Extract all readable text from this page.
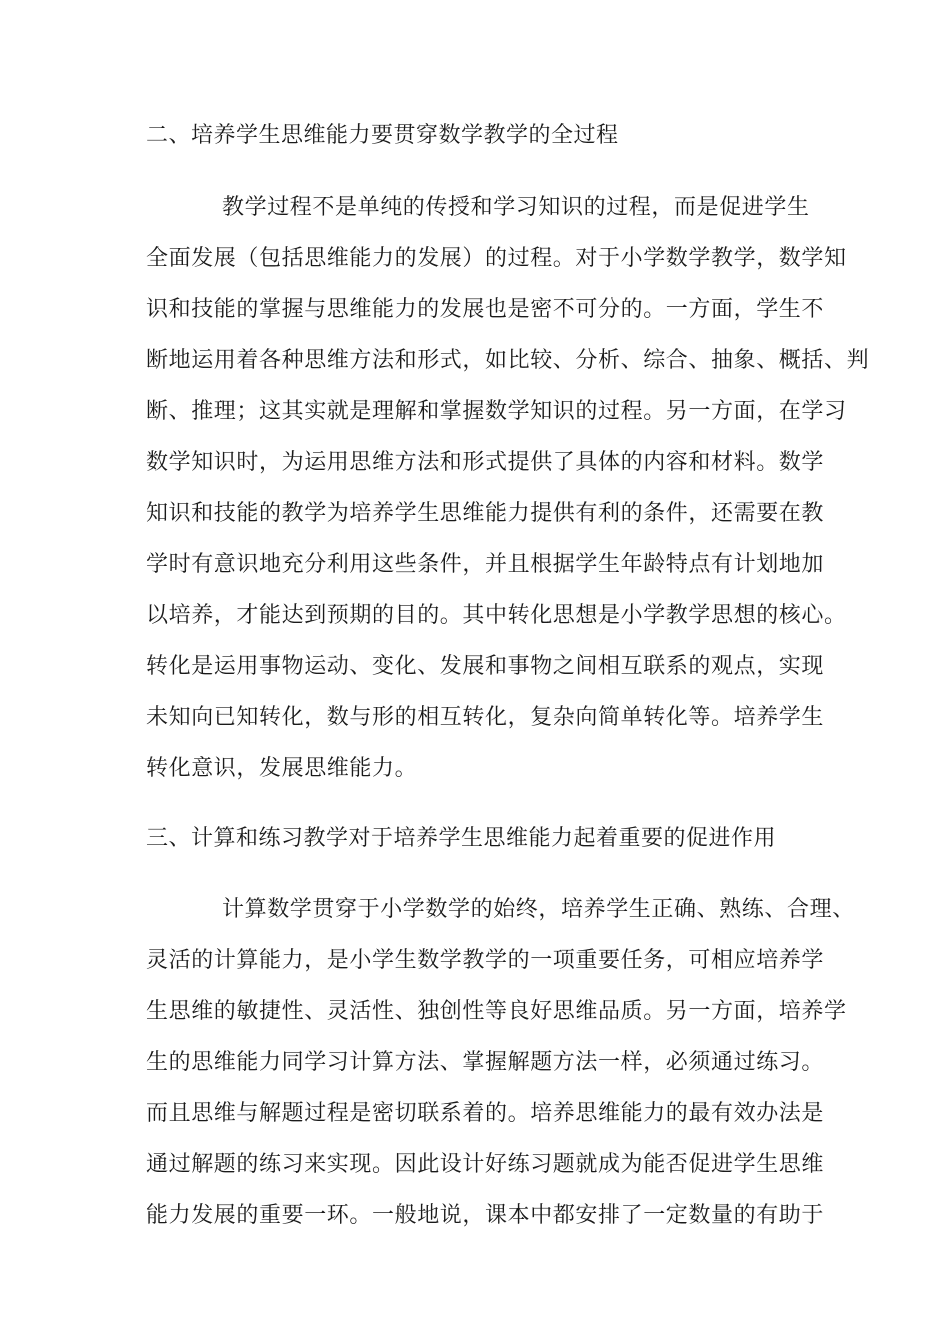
二、培养学生思维能力要贯穿数学教学的全过程
教学过程不是单纯的传授和学习知识的过程，而是促进学生
全面发展（包括思维能力的发展）的过程。对于小学数学教学，数学知
识和技能的掌握与思维能力的发展也是密不可分的。一方面，学生不
断地运用着各种思维方法和形式，如比较、分析、综合、抽象、概括、判
断、推理；这其实就是理解和掌握数学知识的过程。另一方面，在学习
数学知识时，为运用思维方法和形式提供了具体的内容和材料。数学
知识和技能的教学为培养学生思维能力提供有利的条件，还需要在教
学时有意识地充分利用这些条件，并且根据学生年龄特点有计划地加
以培养，才能达到预期的目的。其中转化思想是小学教学思想的核心。
转化是运用事物运动、变化、发展和事物之间相互联系的观点，实现
未知向已知转化，数与形的相互转化，复杂向简单转化等。培养学生
转化意识，发展思维能力。
三、计算和练习教学对于培养学生思维能力起着重要的促进作用
计算数学贯穿于小学数学的始终，培养学生正确、熟练、合理、
灵活的计算能力，是小学生数学教学的一项重要任务，可相应培养学
生思维的敏捷性、灵活性、独创性等良好思维品质。另一方面，培养学
生的思维能力同学习计算方法、掌握解题方法一样，必须通过练习。
而且思维与解题过程是密切联系着的。培养思维能力的最有效办法是
通过解题的练习来实现。因此设计好练习题就成为能否促进学生思维
能力发展的重要一环。一般地说，课本中都安排了一定数量的有助于
